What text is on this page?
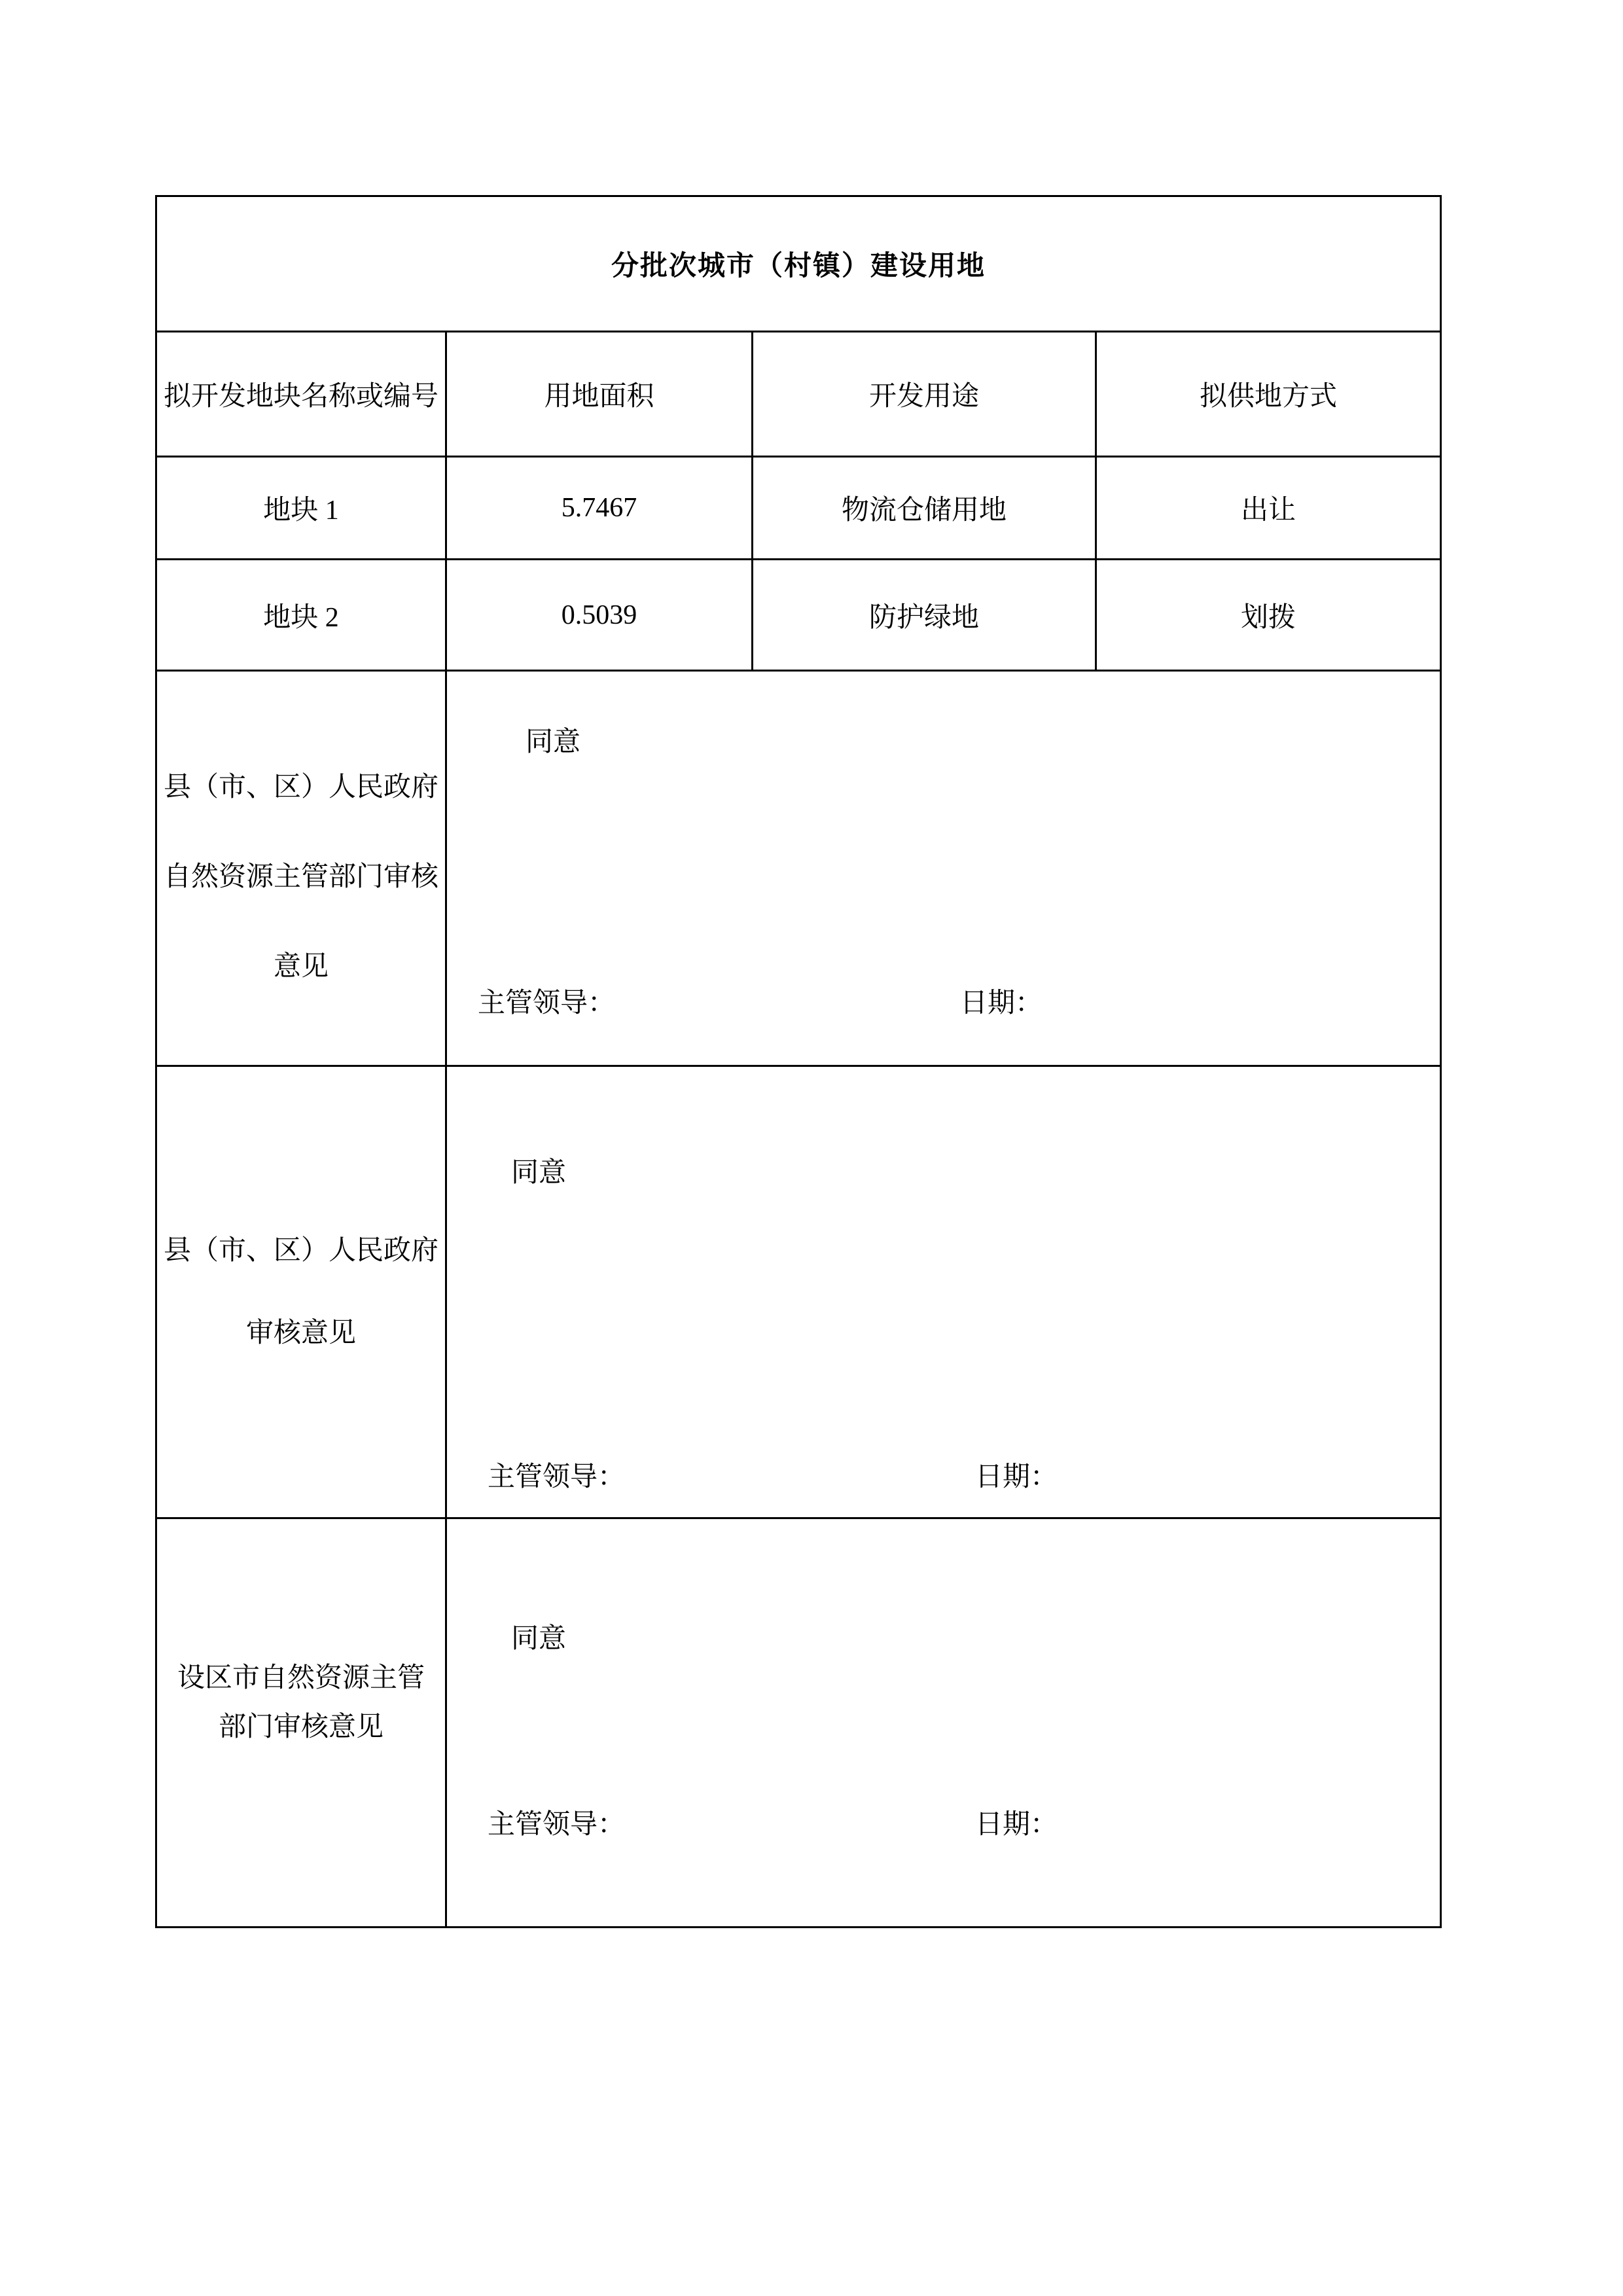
分批次城市（村镇）建设用地			
拟开发地块名称或编号	用地面积	开发用途	拟供地方式
地块 1	5.7467	物流仓储用地	出让
地块 2	0.5039	防护绿地	划拨

县（市、区）人民政府
自然资源主管部门审核
意见

同意
主管领导：	日期：

县（市、区）人民政府
审核意见

同意
主管领导：	日期：

设区市自然资源主管
部门审核意见

同意
主管领导：	日期：
